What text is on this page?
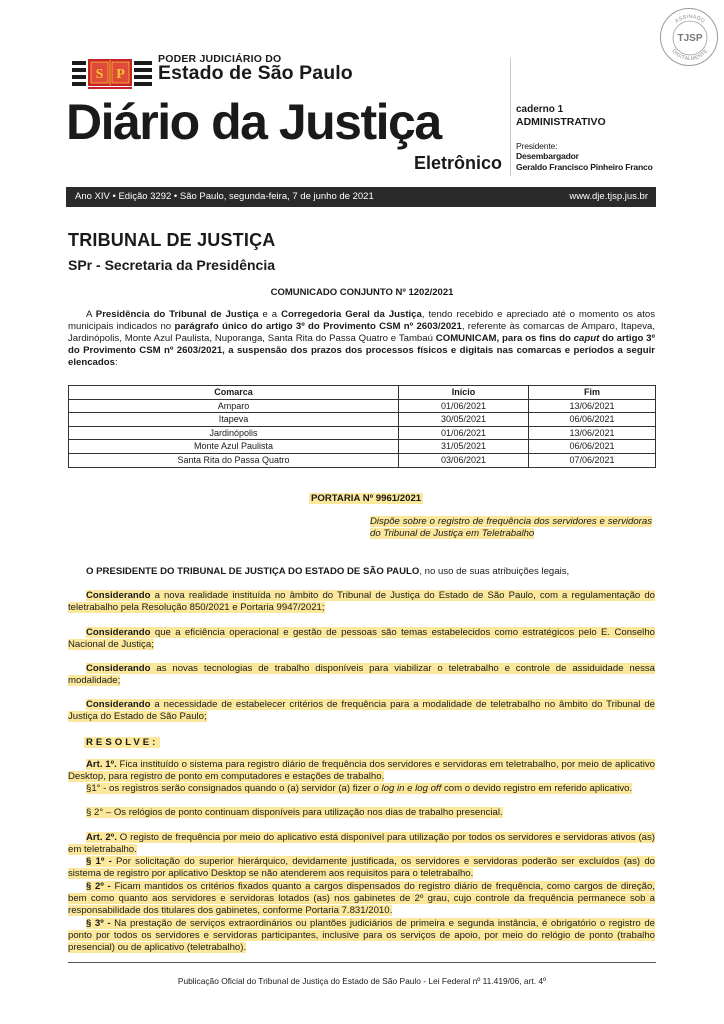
S P
PODER JUDICIÁRIO DO
Estado de São Paulo
Diário da Justiça
Eletrônico
caderno 1
ADMINISTRATIVO
Presidente:
Desembargador
Geraldo Francisco Pinheiro Franco
ASSINADO
DIGITALMENTE
TJSP
Ano XIV • Edição 3292 • São Paulo, segunda-feira, 7 de junho de 2021	www.dje.tjsp.jus.br
TRIBUNAL DE JUSTIÇA
SPr - Secretaria da Presidência
COMUNICADO CONJUNTO Nº 1202/2021
A Presidência do Tribunal de Justiça e a Corregedoria Geral da Justiça, tendo recebido e apreciado até o momento os atos municipais indicados no parágrafo único do artigo 3º do Provimento CSM nº 2603/2021, referente às comarcas de Amparo, Itapeva, Jardinópolis, Monte Azul Paulista, Nuporanga, Santa Rita do Passa Quatro e Tambaú COMUNICAM, para os fins do caput do artigo 3º do Provimento CSM nº 2603/2021, a suspensão dos prazos dos processos físicos e digitais nas comarcas e períodos a seguir elencados:
Comarca	Início	Fim
Amparo	01/06/2021	13/06/2021
Itapeva	30/05/2021	06/06/2021
Jardinópolis	01/06/2021	13/06/2021
Monte Azul Paulista	31/05/2021	06/06/2021
Santa Rita do Passa Quatro	03/06/2021	07/06/2021
PORTARIA Nº 9961/2021
Dispõe sobre o registro de frequência dos servidores e servidoras do Tribunal de Justiça em Teletrabalho
O PRESIDENTE DO TRIBUNAL DE JUSTIÇA DO ESTADO DE SÃO PAULO, no uso de suas atribuições legais,
Considerando a nova realidade instituída no âmbito do Tribunal de Justiça do Estado de São Paulo, com a regulamentação do teletrabalho pela Resolução 850/2021 e Portaria 9947/2021;
Considerando que a eficiência operacional e gestão de pessoas são temas estabelecidos como estratégicos pelo E. Conselho Nacional de Justiça;
Considerando as novas tecnologias de trabalho disponíveis para viabilizar o teletrabalho e controle de assiduidade nessa modalidade;
Considerando a necessidade de estabelecer critérios de frequência para a modalidade de teletrabalho no âmbito do Tribunal de Justiça do Estado de São Paulo;
RESOLVE:
Art. 1º. Fica instituído o sistema para registro diário de frequência dos servidores e servidoras em teletrabalho, por meio de aplicativo Desktop, para registro de ponto em computadores e estações de trabalho.
§1° - os registros serão consignados quando o (a) servidor (a) fizer o log in e log off com o devido registro em referido aplicativo.
§ 2° – Os relógios de ponto continuam disponíveis para utilização nos dias de trabalho presencial.
Art. 2º. O registo de frequência por meio do aplicativo está disponível para utilização por todos os servidores e servidoras ativos (as) em teletrabalho.
§ 1º - Por solicitação do superior hierárquico, devidamente justificada, os servidores e servidoras poderão ser excluídos (as) do sistema de registro por aplicativo Desktop se não atenderem aos requisitos para o teletrabalho.
§ 2º - Ficam mantidos os critérios fixados quanto a cargos dispensados do registro diário de frequência, como cargos de direção, bem como quanto aos servidores e servidoras lotados (as) nos gabinetes de 2º grau, cujo controle da frequência permanece sob a responsabilidade dos titulares dos gabinetes, conforme Portaria 7.831/2010.
§ 3º - Na prestação de serviços extraordinários ou plantões judiciários de primeira e segunda instância, é obrigatório o registro de ponto por todos os servidores e servidoras participantes, inclusive para os serviços de apoio, por meio do relógio de ponto (trabalho presencial) ou de aplicativo (teletrabalho).
Publicação Oficial do Tribunal de Justiça do Estado de São Paulo - Lei Federal nº 11.419/06, art. 4º
